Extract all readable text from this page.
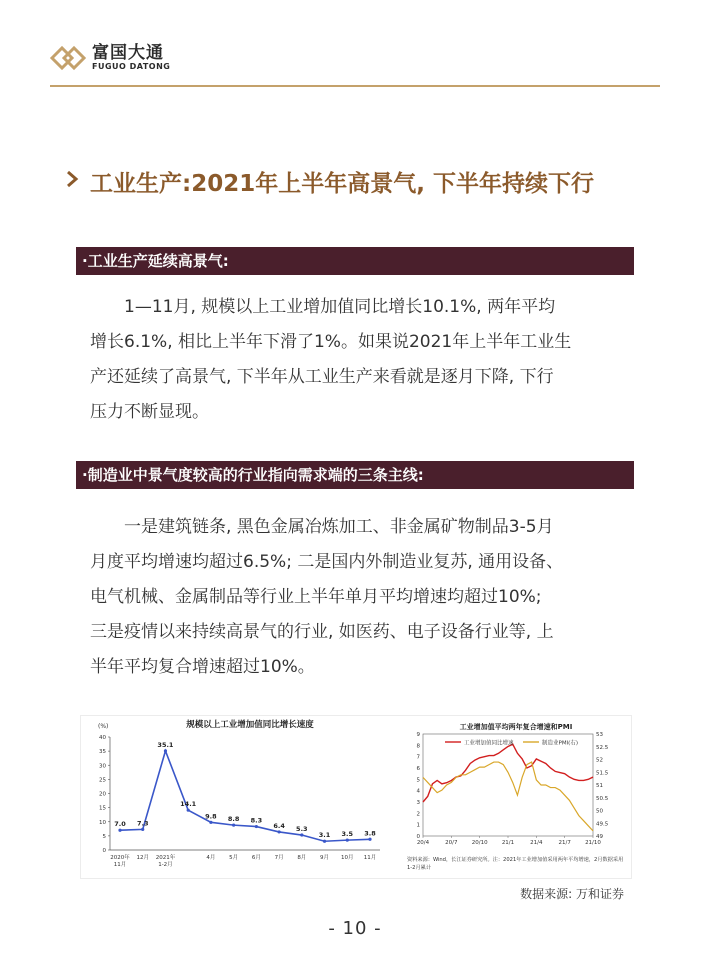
富国大通
FUGUO DATONG
工业生产:2021年上半年高景气, 下半年持续下行
·工业生产延续高景气:
　　1—11月, 规模以上工业增加值同比增长10.1%, 两年平均
增长6.1%, 相比上半年下滑了1%。如果说2021年上半年工业生
产还延续了高景气, 下半年从工业生产来看就是逐月下降, 下行
压力不断显现。
·制造业中景气度较高的行业指向需求端的三条主线:
　　一是建筑链条, 黑色金属冶炼加工、非金属矿物制品3-5月
月度平均增速均超过6.5%; 二是国内外制造业复苏, 通用设备、
电气机械、金属制品等行业上半年单月平均增速均超过10%;
三是疫情以来持续高景气的行业, 如医药、电子设备行业等, 上
半年平均复合增速超过10%。
规模以上工业增加值同比增长速度
(%)
0
5
10
15
20
25
30
35
40
2020年
11月
12月 2021年
1-2月
4月 5月 6月 7月 8月 9月 10月 11月
7.0 7.3
35.1
14.1
9.8 8.8 8.3
6.4 5.3
3.1 3.5 3.8
工业增加值平均两年复合增速和PMI
0
1
2
3
4
5
6
7
8
9
49
49.5
50
50.5
51
51.5
52
52.5
53
20/4	20/7	20/10	21/1	21/4	21/7	21/10
工业增加值同比增速	制造业PMI(右)
资料来源：Wind，长江证券研究所。注：2021年工业增加值采用两年平均增速，2月数据采用1-2月累计
数据来源: 万和证券
- 10 -
